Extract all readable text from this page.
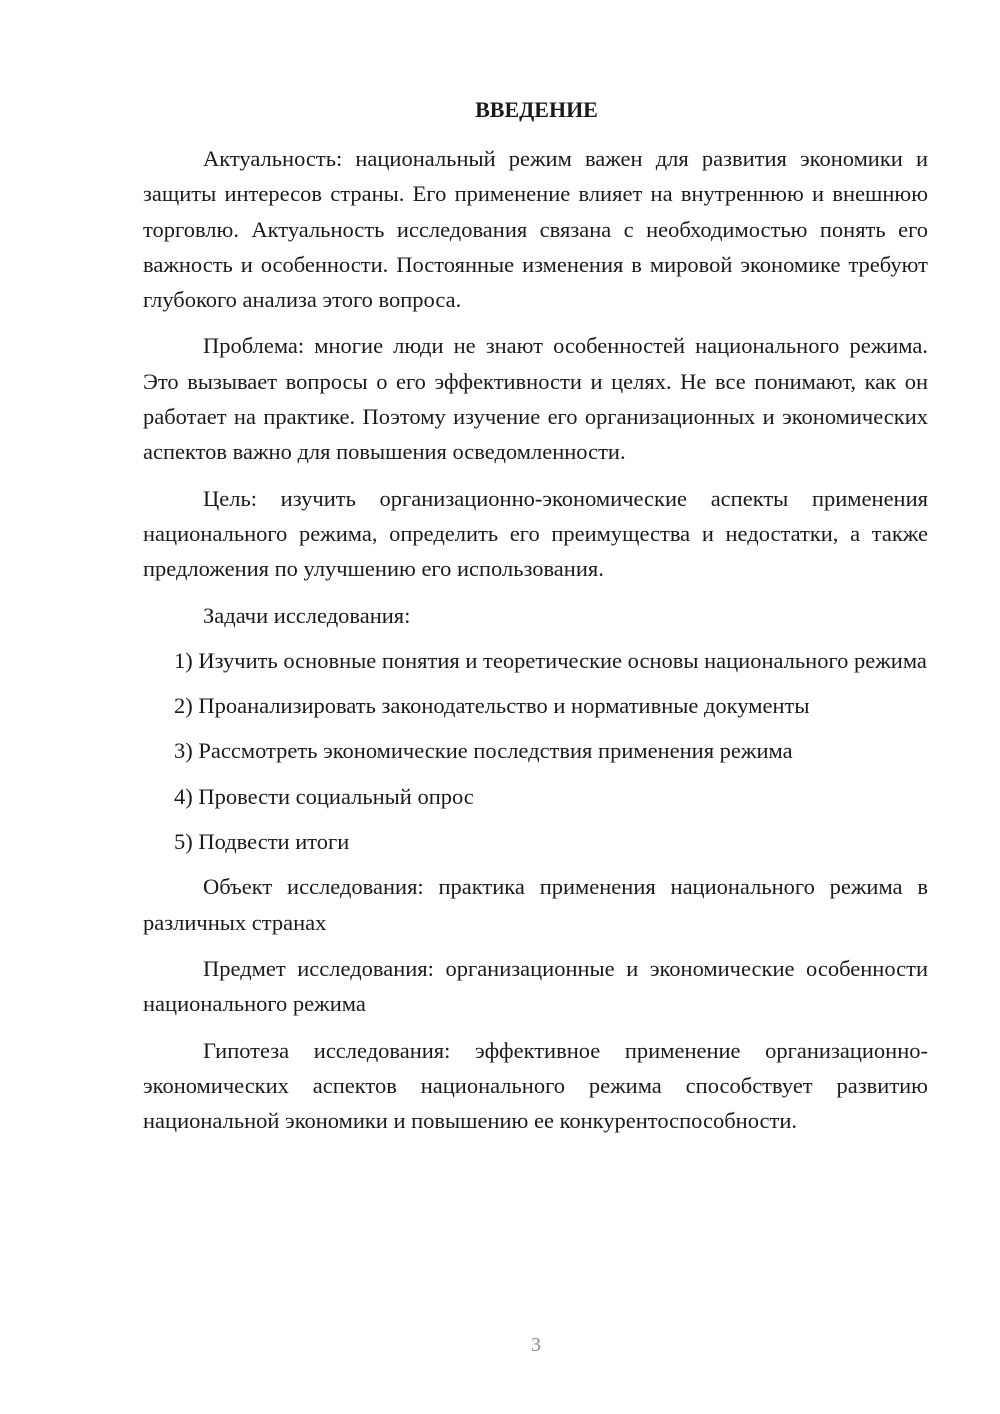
ВВЕДЕНИЕ

Актуальность: национальный режим важен для развития экономики и защиты интересов страны. Его применение влияет на внутреннюю и внешнюю торговлю. Актуальность исследования связана с необходимостью понять его важность и особенности. Постоянные изменения в мировой экономике требуют глубокого анализа этого вопроса.

Проблема: многие люди не знают особенностей национального режима. Это вызывает вопросы о его эффективности и целях. Не все понимают, как он работает на практике. Поэтому изучение его организационных и экономических аспектов важно для повышения осведомленности.

Цель: изучить организационно-экономические аспекты применения национального режима, определить его преимущества и недостатки, а также предложения по улучшению его использования.

Задачи исследования:

1) Изучить основные понятия и теоретические основы национального режима

2) Проанализировать законодательство и нормативные документы

3) Рассмотреть экономические последствия применения режима

4) Провести социальный опрос

5) Подвести итоги

Объект исследования: практика применения национального режима в различных странах

Предмет исследования: организационные и экономические особенности национального режима

Гипотеза исследования: эффективное применение организационно-экономических аспектов национального режима способствует развитию национальной экономики и повышению ее конкурентоспособности.

3
